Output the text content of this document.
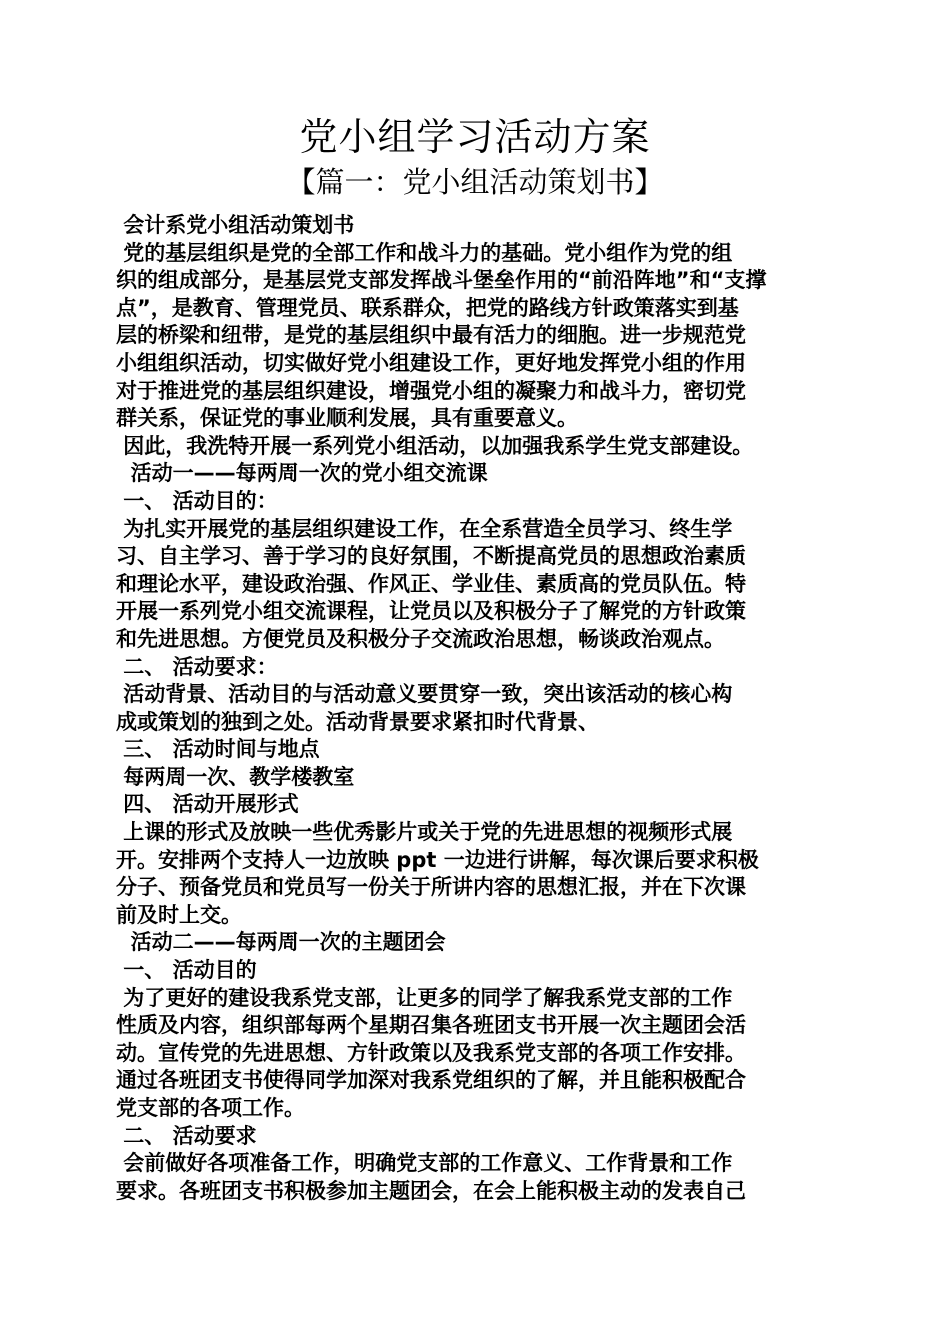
党小组学习活动方案
【篇一：党小组活动策划书】
会计系党小组活动策划书
党的基层组织是党的全部工作和战斗力的基础。党小组作为党的组
织的组成部分，是基层党支部发挥战斗堡垒作用的“前沿阵地”和“支撑
点”，是教育、管理党员、联系群众，把党的路线方针政策落实到基
层的桥梁和纽带，是党的基层组织中最有活力的细胞。进一步规范党
小组组织活动，切实做好党小组建设工作，更好地发挥党小组的作用
对于推进党的基层组织建设，增强党小组的凝聚力和战斗力，密切党
群关系，保证党的事业顺利发展，具有重要意义。
因此，我洗特开展一系列党小组活动，以加强我系学生党支部建设。
活动一——每两周一次的党小组交流课
一、 活动目的：
为扎实开展党的基层组织建设工作，在全系营造全员学习、终生学
习、自主学习、善于学习的良好氛围，不断提高党员的思想政治素质
和理论水平，建设政治强、作风正、学业佳、素质高的党员队伍。特
开展一系列党小组交流课程，让党员以及积极分子了解党的方针政策
和先进思想。方便党员及积极分子交流政治思想，畅谈政治观点。
二、 活动要求：
活动背景、活动目的与活动意义要贯穿一致，突出该活动的核心构
成或策划的独到之处。活动背景要求紧扣时代背景、
三、 活动时间与地点
每两周一次、教学楼教室
四、 活动开展形式
上课的形式及放映一些优秀影片或关于党的先进思想的视频形式展
开。安排两个支持人一边放映 ppt 一边进行讲解，每次课后要求积极
分子、预备党员和党员写一份关于所讲内容的思想汇报，并在下次课
前及时上交。
活动二——每两周一次的主题团会
一、 活动目的
为了更好的建设我系党支部，让更多的同学了解我系党支部的工作
性质及内容，组织部每两个星期召集各班团支书开展一次主题团会活
动。宣传党的先进思想、方针政策以及我系党支部的各项工作安排。
通过各班团支书使得同学加深对我系党组织的了解，并且能积极配合
党支部的各项工作。
二、 活动要求
会前做好各项准备工作，明确党支部的工作意义、工作背景和工作
要求。各班团支书积极参加主题团会，在会上能积极主动的发表自己
